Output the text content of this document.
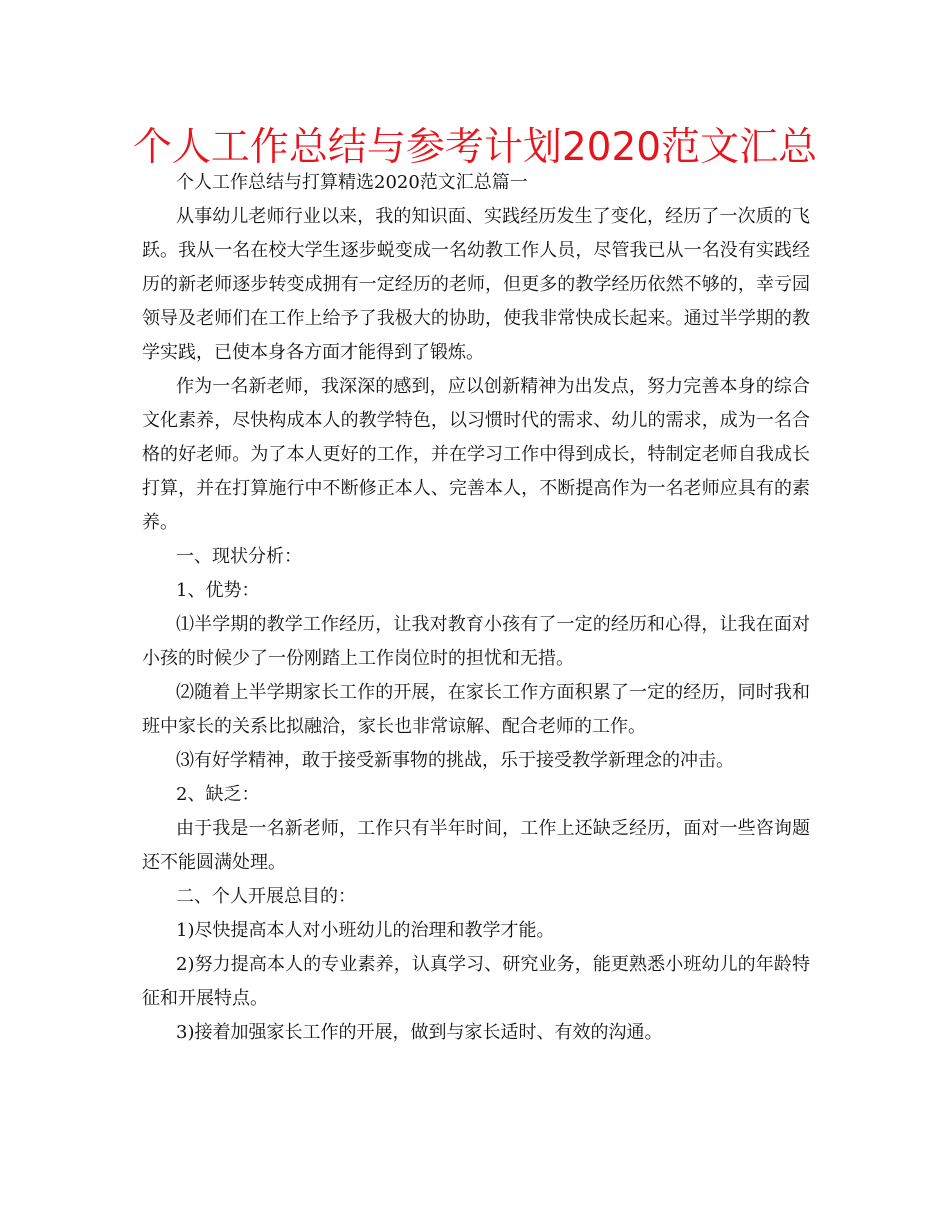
个人工作总结与参考计划2020范文汇总

个人工作总结与打算精选2020范文汇总篇一

从事幼儿老师行业以来，我的知识面、实践经历发生了变化，经历了一次质的飞跃。我从一名在校大学生逐步蜕变成一名幼教工作人员，尽管我已从一名没有实践经历的新老师逐步转变成拥有一定经历的老师，但更多的教学经历依然不够的，幸亏园领导及老师们在工作上给予了我极大的协助，使我非常快成长起来。通过半学期的教学实践，已使本身各方面才能得到了锻炼。

作为一名新老师，我深深的感到，应以创新精神为出发点，努力完善本身的综合文化素养，尽快构成本人的教学特色，以习惯时代的需求、幼儿的需求，成为一名合格的好老师。为了本人更好的工作，并在学习工作中得到成长，特制定老师自我成长打算，并在打算施行中不断修正本人、完善本人，不断提高作为一名老师应具有的素养。

一、现状分析：

1、优势：

⑴半学期的教学工作经历，让我对教育小孩有了一定的经历和心得，让我在面对小孩的时候少了一份刚踏上工作岗位时的担忧和无措。

⑵随着上半学期家长工作的开展，在家长工作方面积累了一定的经历，同时我和班中家长的关系比拟融洽，家长也非常谅解、配合老师的工作。

⑶有好学精神，敢于接受新事物的挑战，乐于接受教学新理念的冲击。

2、缺乏：

由于我是一名新老师，工作只有半年时间，工作上还缺乏经历，面对一些咨询题还不能圆满处理。

二、个人开展总目的：

1)尽快提高本人对小班幼儿的治理和教学才能。

2)努力提高本人的专业素养，认真学习、研究业务，能更熟悉小班幼儿的年龄特征和开展特点。

3)接着加强家长工作的开展，做到与家长适时、有效的沟通。
